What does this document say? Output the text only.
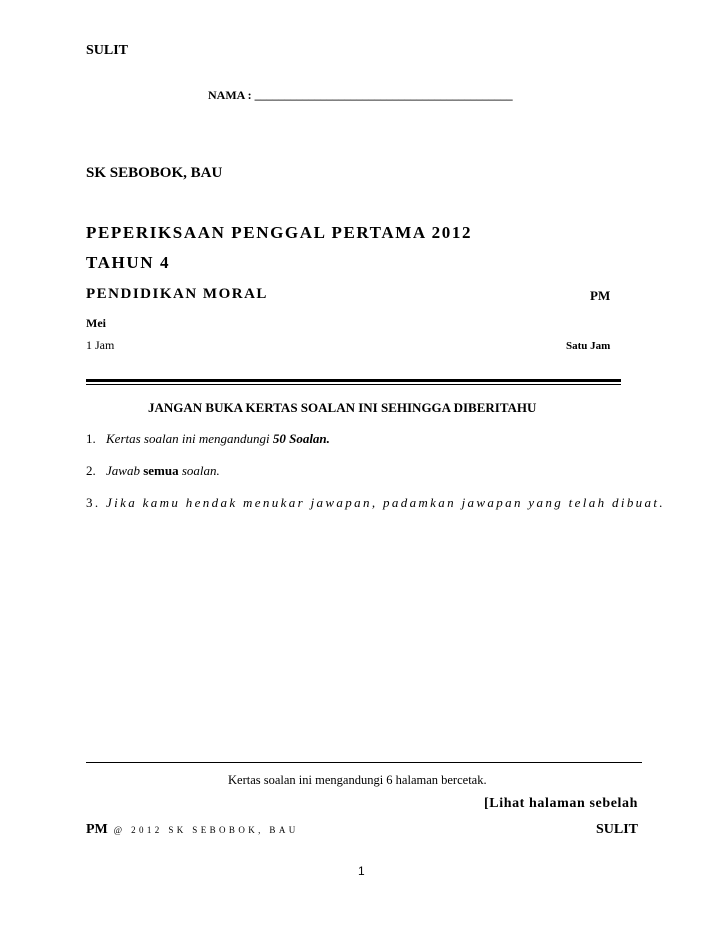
SULIT
NAMA : ___________________________________________
SK SEBOBOK, BAU
PEPERIKSAAN PENGGAL PERTAMA 2012
TAHUN 4
PENDIDIKAN MORAL	PM
Mei
1 Jam	Satu Jam
JANGAN BUKA KERTAS SOALAN INI SEHINGGA DIBERITAHU
1. Kertas soalan ini mengandungi 50 Soalan.
2. Jawab semua soalan.
3. Jika kamu hendak menukar jawapan, padamkan jawapan yang telah dibuat.
Kertas soalan ini mengandungi 6 halaman bercetak.
[Lihat halaman sebelah
PM @ 2012 SK SEBOBOK, BAU	SULIT
1
